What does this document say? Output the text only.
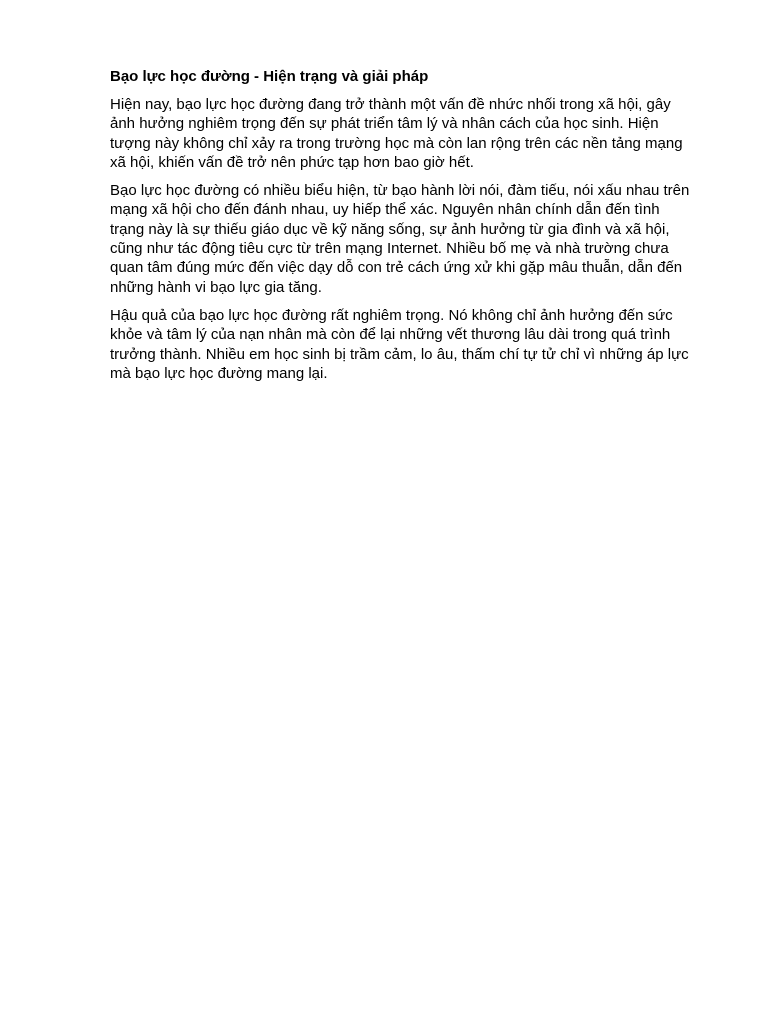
Bạo lực học đường - Hiện trạng và giải pháp

Hiện nay, bạo lực học đường đang trở thành một vấn đề nhức nhối trong xã hội, gây ảnh hưởng nghiêm trọng đến sự phát triển tâm lý và nhân cách của học sinh. Hiện tượng này không chỉ xảy ra trong trường học mà còn lan rộng trên các nền tảng mạng xã hội, khiến vấn đề trở nên phức tạp hơn bao giờ hết.

Bạo lực học đường có nhiều biểu hiện, từ bạo hành lời nói, đàm tiếu, nói xấu nhau trên mạng xã hội cho đến đánh nhau, uy hiếp thể xác. Nguyên nhân chính dẫn đến tình trạng này là sự thiếu giáo dục về kỹ năng sống, sự ảnh hưởng từ gia đình và xã hội, cũng như tác động tiêu cực từ trên mạng Internet. Nhiều bố mẹ và nhà trường chưa quan tâm đúng mức đến việc dạy dỗ con trẻ cách ứng xử khi gặp mâu thuẫn, dẫn đến những hành vi bạo lực gia tăng.

Hậu quả của bạo lực học đường rất nghiêm trọng. Nó không chỉ ảnh hưởng đến sức khỏe và tâm lý của nạn nhân mà còn để lại những vết thương lâu dài trong quá trình trưởng thành. Nhiều em học sinh bị trầm cảm, lo âu, thấm chí tự tử chỉ vì những áp lực mà bạo lực học đường mang lại.
